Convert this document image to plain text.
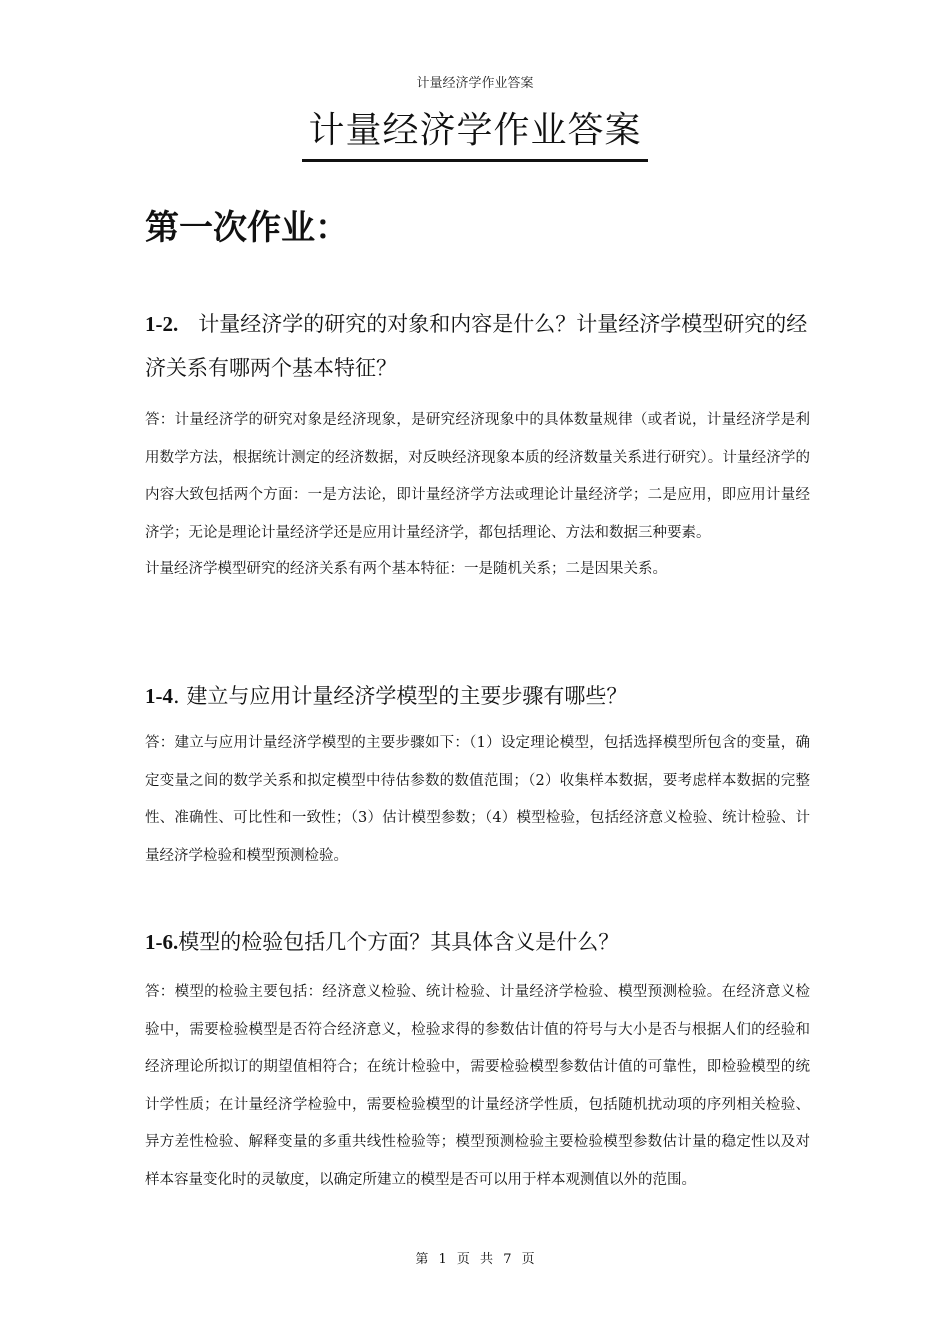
计量经济学作业答案
计量经济学作业答案
第一次作业：
1-2. 计量经济学的研究的对象和内容是什么？计量经济学模型研究的经济关系有哪两个基本特征？

答：计量经济学的研究对象是经济现象，是研究经济现象中的具体数量规律（或者说，计量经济学是利用数学方法，根据统计测定的经济数据，对反映经济现象本质的经济数量关系进行研究）。计量经济学的内容大致包括两个方面：一是方法论，即计量经济学方法或理论计量经济学；二是应用，即应用计量经济学；无论是理论计量经济学还是应用计量经济学，都包括理论、方法和数据三种要素。

计量经济学模型研究的经济关系有两个基本特征：一是随机关系；二是因果关系。

1-4. 建立与应用计量经济学模型的主要步骤有哪些？

答：建立与应用计量经济学模型的主要步骤如下：（1）设定理论模型，包括选择模型所包含的变量，确定变量之间的数学关系和拟定模型中待估参数的数值范围；（2）收集样本数据，要考虑样本数据的完整性、准确性、可比性和一致性；（3）估计模型参数；（4）模型检验，包括经济意义检验、统计检验、计量经济学检验和模型预测检验。

1-6.模型的检验包括几个方面？其具体含义是什么？

答：模型的检验主要包括：经济意义检验、统计检验、计量经济学检验、模型预测检验。在经济意义检验中，需要检验模型是否符合经济意义，检验求得的参数估计值的符号与大小是否与根据人们的经验和经济理论所拟订的期望值相符合；在统计检验中，需要检验模型参数估计值的可靠性，即检验模型的统计学性质；在计量经济学检验中，需要检验模型的计量经济学性质，包括随机扰动项的序列相关检验、异方差性检验、解释变量的多重共线性检验等；模型预测检验主要检验模型参数估计量的稳定性以及对样本容量变化时的灵敏度，以确定所建立的模型是否可以用于样本观测值以外的范围。

第 1 页 共 7 页
